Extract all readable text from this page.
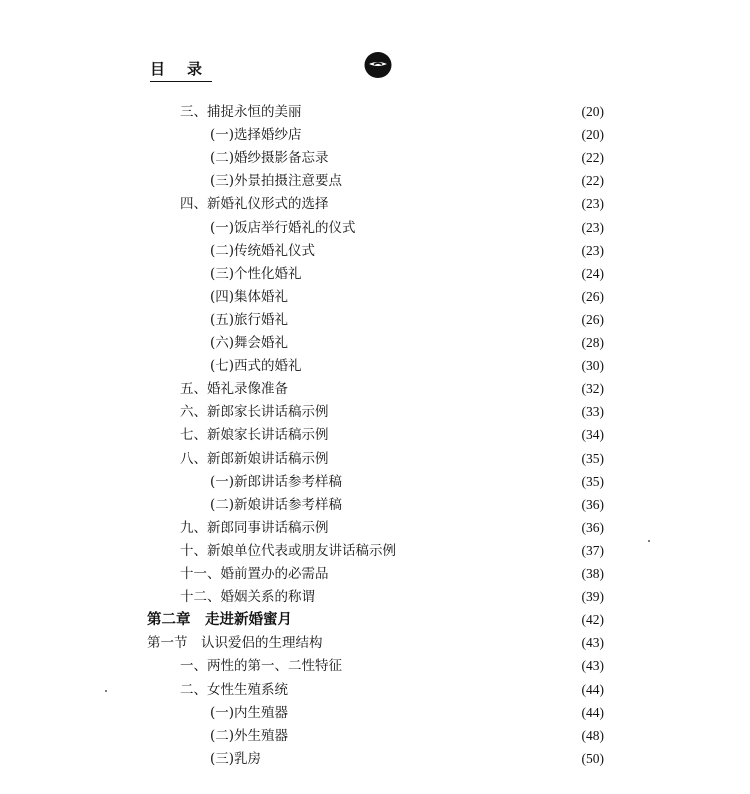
目录
三、捕捉永恒的美丽	(20)
(一)选择婚纱店	(20)
(二)婚纱摄影备忘录	(22)
(三)外景拍摄注意要点	(22)
四、新婚礼仪形式的选择	(23)
(一)饭店举行婚礼的仪式	(23)
(二)传统婚礼仪式	(23)
(三)个性化婚礼	(24)
(四)集体婚礼	(26)
(五)旅行婚礼	(26)
(六)舞会婚礼	(28)
(七)西式的婚礼	(30)
五、婚礼录像准备	(32)
六、新郎家长讲话稿示例	(33)
七、新娘家长讲话稿示例	(34)
八、新郎新娘讲话稿示例	(35)
(一)新郎讲话参考样稿	(35)
(二)新娘讲话参考样稿	(36)
九、新郎同事讲话稿示例	(36)
十、新娘单位代表或朋友讲话稿示例	(37)
十一、婚前置办的必需品	(38)
十二、婚姻关系的称谓	(39)
第二章　走进新婚蜜月	(42)
第一节　认识爱侣的生理结构	(43)
一、两性的第一、二性特征	(43)
二、女性生殖系统	(44)
(一)内生殖器	(44)
(二)外生殖器	(48)
(三)乳房	(50)
